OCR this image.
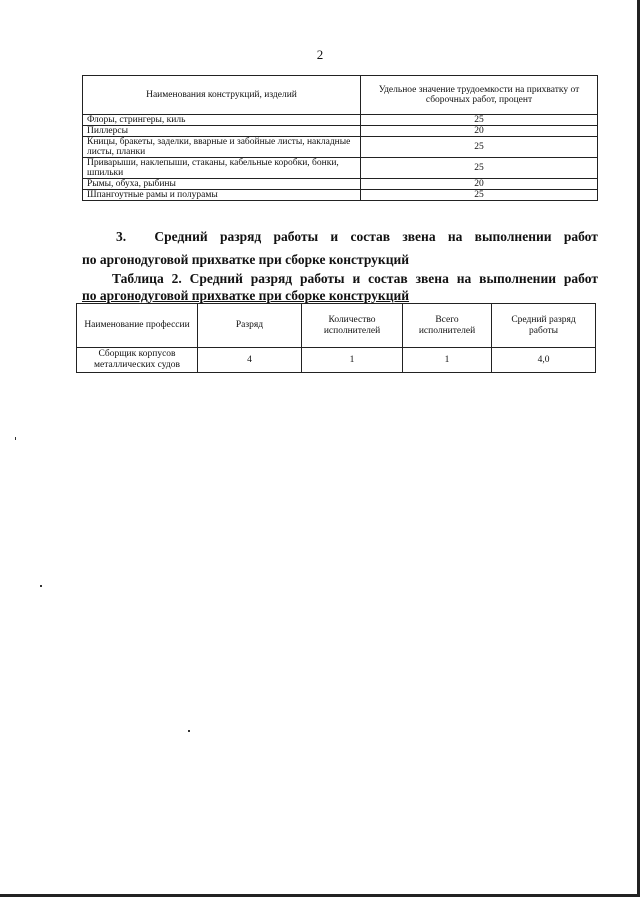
2
Наименования конструкций, изделий	Удельное значение трудоемкости на прихватку от сборочных работ, процент
Флоры, стрингеры, киль	25
Пиллерсы	20
Кницы, бракеты, заделки, вварные и забойные листы, накладные листы, планки	25
Приварыши, наклепыши, стаканы, кабельные коробки, бонки, шпильки	25
Рымы, обуха, рыбины	20
Шпангоутные рамы и полурамы	25
3. Средний разряд работы и состав звена на выполнении работ
по аргонодуговой прихватке при сборке конструкций
Таблица 2. Средний разряд работы и состав звена на выполнении работ
по аргонодуговой прихватке при сборке конструкций
Наименование профессии	Разряд	Количество исполнителей	Всего исполнителей	Средний разряд работы
Сборщик корпусов металлических судов	4	1	1	4,0
